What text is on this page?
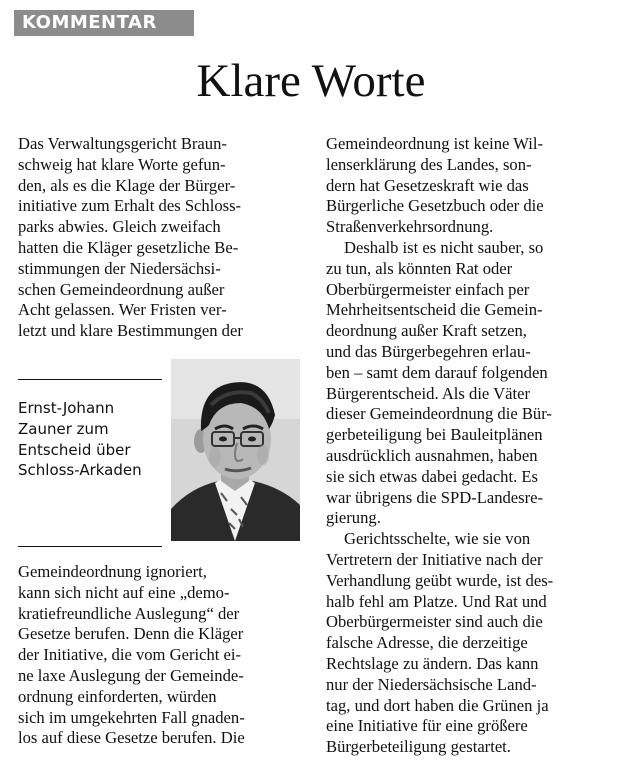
KOMMENTAR
Klare Worte

Das Verwaltungsgericht Braun-
schweig hat klare Worte gefun-
den, als es die Klage der Bürger-
initiative zum Erhalt des Schloss-
parks abwies. Gleich zweifach
hatten die Kläger gesetzliche Be-
stimmungen der Niedersächsi-
schen Gemeindeordnung außer
Acht gelassen. Wer Fristen ver-
letzt und klare Bestimmungen der

Ernst-Johann
Zauner zum
Entscheid über
Schloss-Arkaden

Gemeindeordnung ignoriert,
kann sich nicht auf eine „demo-
kratiefreundliche Auslegung“ der
Gesetze berufen. Denn die Kläger
der Initiative, die vom Gericht ei-
ne laxe Auslegung der Gemeinde-
ordnung einforderten, würden
sich im umgekehrten Fall gnaden-
los auf diese Gesetze berufen. Die

Gemeindeordnung ist keine Wil-
lenserklärung des Landes, son-
dern hat Gesetzeskraft wie das
Bürgerliche Gesetzbuch oder die
Straßenverkehrsordnung.

Deshalb ist es nicht sauber, so
zu tun, als könnten Rat oder
Oberbürgermeister einfach per
Mehrheitsentscheid die Gemein-
deordnung außer Kraft setzen,
und das Bürgerbegehren erlau-
ben – samt dem darauf folgenden
Bürgerentscheid. Als die Väter
dieser Gemeindeordnung die Bür-
gerbeteiligung bei Bauleitplänen
ausdrücklich ausnahmen, haben
sie sich etwas dabei gedacht. Es
war übrigens die SPD-Landesre-
gierung.

Gerichtsschelte, wie sie von
Vertretern der Initiative nach der
Verhandlung geübt wurde, ist des-
halb fehl am Platze. Und Rat und
Oberbürgermeister sind auch die
falsche Adresse, die derzeitige
Rechtslage zu ändern. Das kann
nur der Niedersächsische Land-
tag, und dort haben die Grünen ja
eine Initiative für eine größere
Bürgerbeteiligung gestartet.
